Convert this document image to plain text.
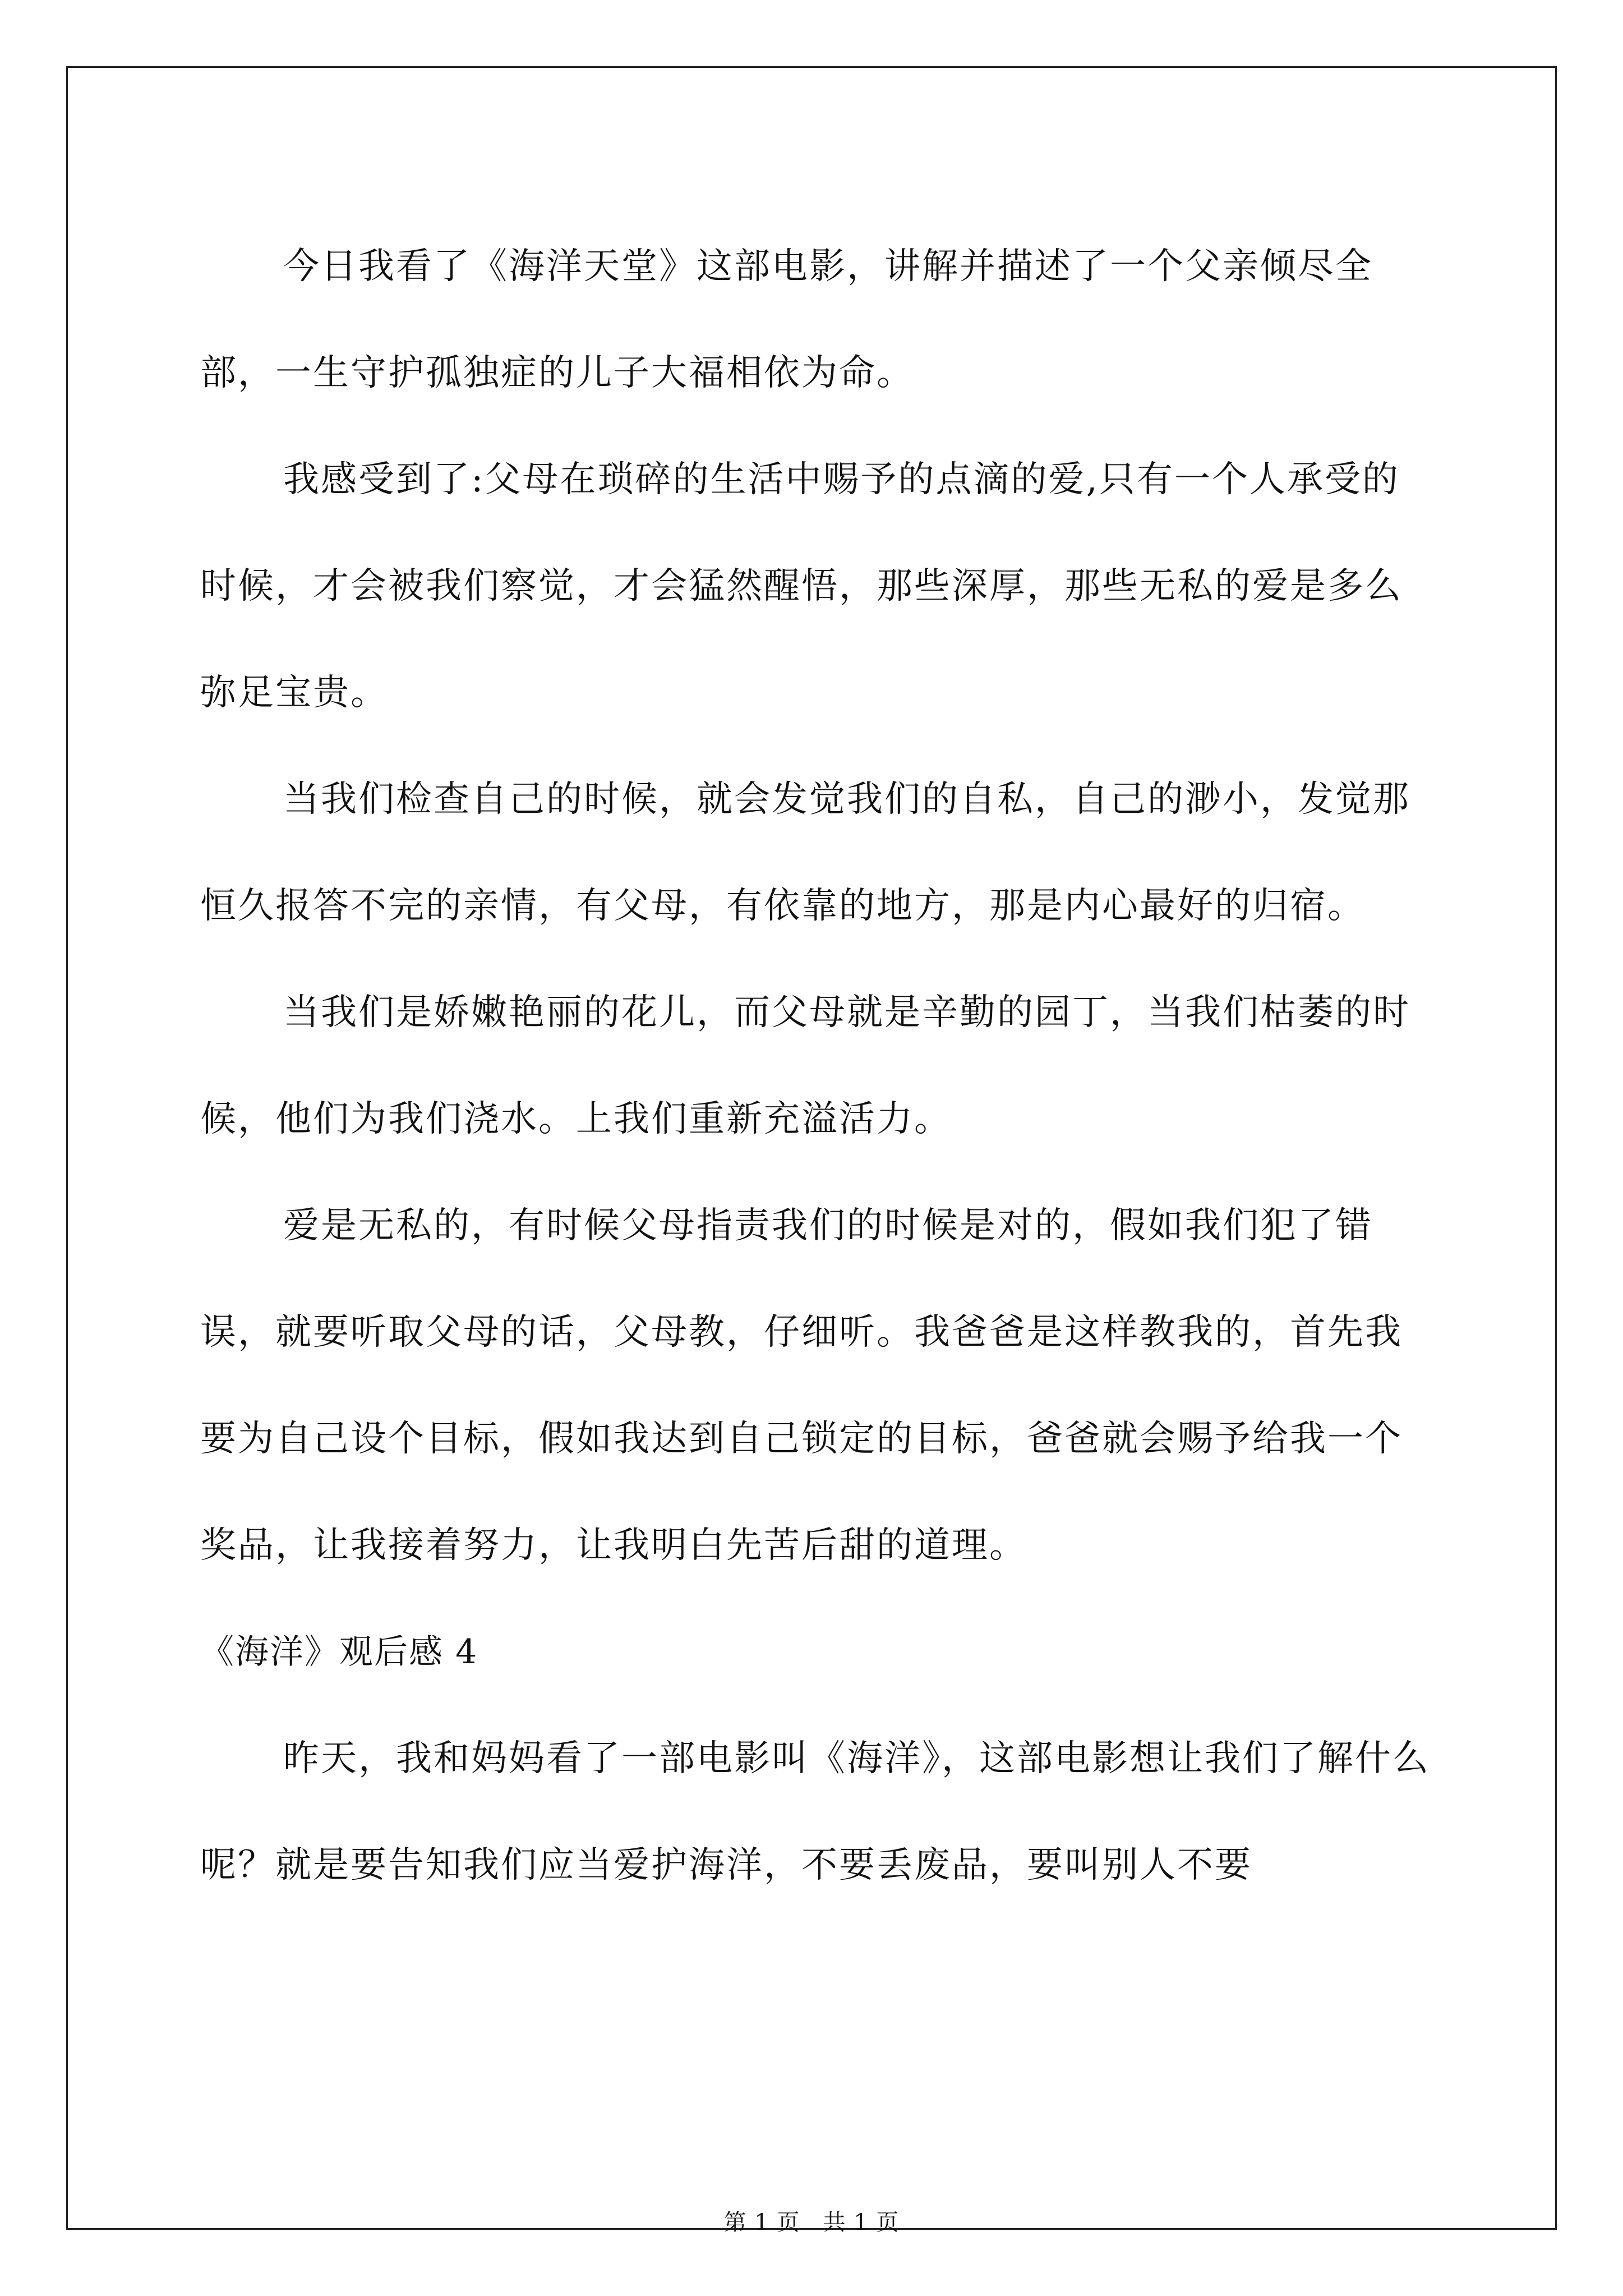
今日我看了《海洋天堂》这部电影，讲解并描述了一个父亲倾尽全部，一生守护孤独症的儿子大福相依为命。

我感受到了:父母在琐碎的生活中赐予的点滴的爱,只有一个人承受的时候，才会被我们察觉，才会猛然醒悟，那些深厚，那些无私的爱是多么弥足宝贵。

当我们检查自己的时候，就会发觉我们的自私，自己的渺小，发觉那恒久报答不完的亲情，有父母，有依靠的地方，那是内心最好的归宿。

当我们是娇嫩艳丽的花儿，而父母就是辛勤的园丁，当我们枯萎的时候，他们为我们浇水。上我们重新充溢活力。

爱是无私的，有时候父母指责我们的时候是对的，假如我们犯了错误，就要听取父母的话，父母教，仔细听。我爸爸是这样教我的，首先我要为自己设个目标，假如我达到自己锁定的目标，爸爸就会赐予给我一个奖品，让我接着努力，让我明白先苦后甜的道理。

《海洋》观后感 4

昨天，我和妈妈看了一部电影叫《海洋》，这部电影想让我们了解什么呢？就是要告知我们应当爱护海洋，不要丢废品，要叫别人不要

第 1 页　共 1 页
